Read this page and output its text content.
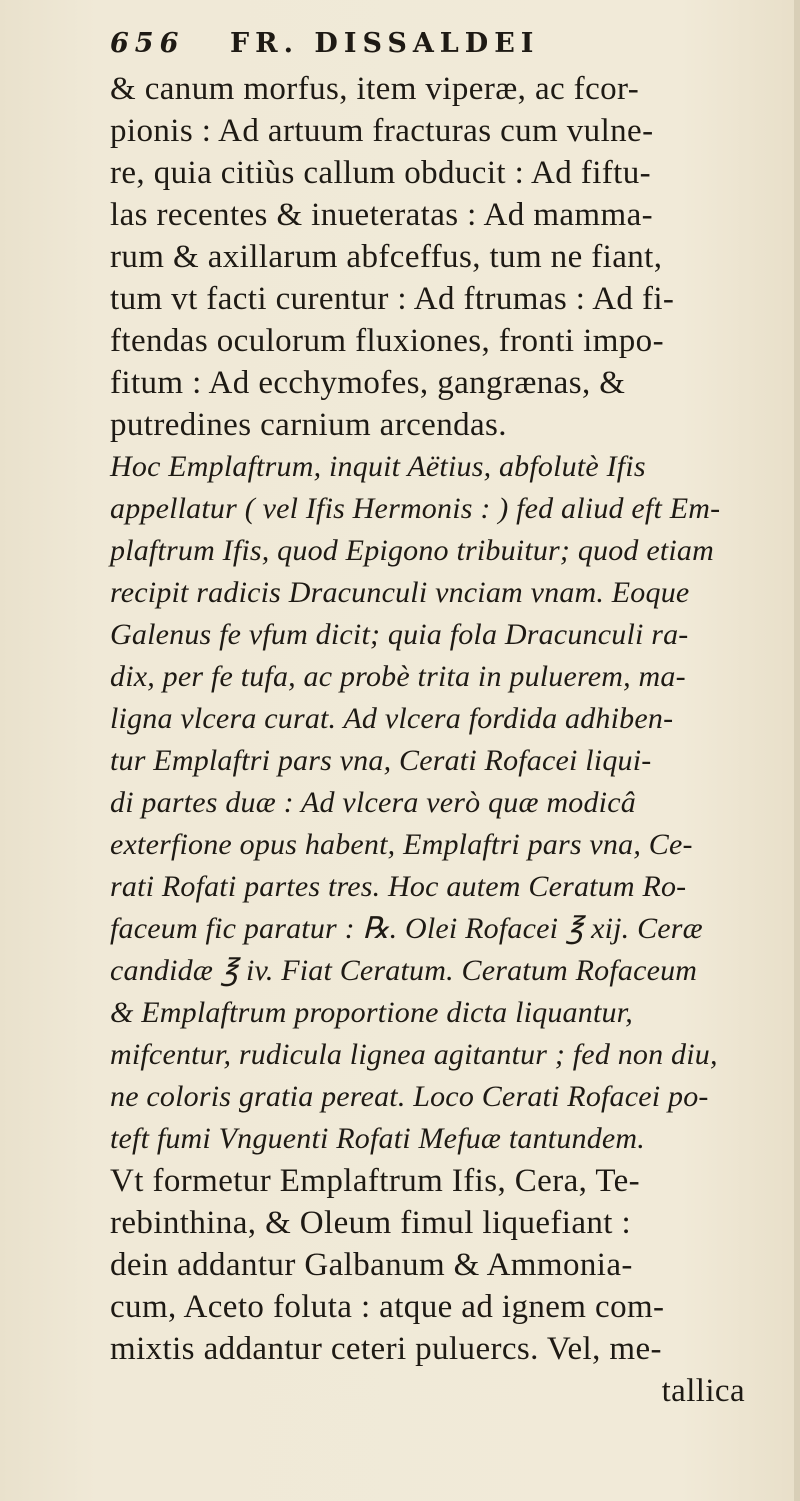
656	FR. DISSALDEI
& canum morfus, item viperæ, ac fcor-
pionis : Ad artuum fracturas cum vulne-
re, quia citiùs callum obducit : Ad fiftu-
las recentes & inueteratas : Ad mamma-
rum & axillarum abfceffus, tum ne fiant,
tum vt facti curentur : Ad ftrumas : Ad fi-
ftendas oculorum fluxiones, fronti impo-
fitum : Ad ecchymofes, gangrænas, &
putredines carnium arcendas.
Hoc Emplaftrum, inquit Aëtius, abfolutè Ifis
appellatur ( vel Ifis Hermonis : ) fed aliud eft Em-
plaftrum Ifis, quod Epigono tribuitur; quod etiam
recipit radicis Dracunculi vnciam vnam. Eoque
Galenus fe vfum dicit; quia fola Dracunculi ra-
dix, per fe tufa, ac probè trita in puluerem, ma-
ligna vlcera curat. Ad vlcera fordida adhiben-
tur Emplaftri pars vna, Cerati Rofacei liqui-
di partes duæ : Ad vlcera verò quæ modicâ
exterfione opus habent, Emplaftri pars vna, Ce-
rati Rofati partes tres. Hoc autem Ceratum Ro-
faceum fic paratur : ℞. Olei Rofacei ℥ xij. Ceræ
candidæ ℥ iv. Fiat Ceratum. Ceratum Rofaceum
& Emplaftrum proportione dicta liquantur,
mifcentur, rudicula lignea agitantur ; fed non diu,
ne coloris gratia pereat. Loco Cerati Rofacei po-
teft fumi Vnguenti Rofati Mefuæ tantundem.
Vt formetur Emplaftrum Ifis, Cera, Te-
rebinthina, & Oleum fimul liquefiant :
dein addantur Galbanum & Ammonia-
cum, Aceto foluta : atque ad ignem com-
mixtis addantur ceteri puluercs. Vel, me-
tallica
